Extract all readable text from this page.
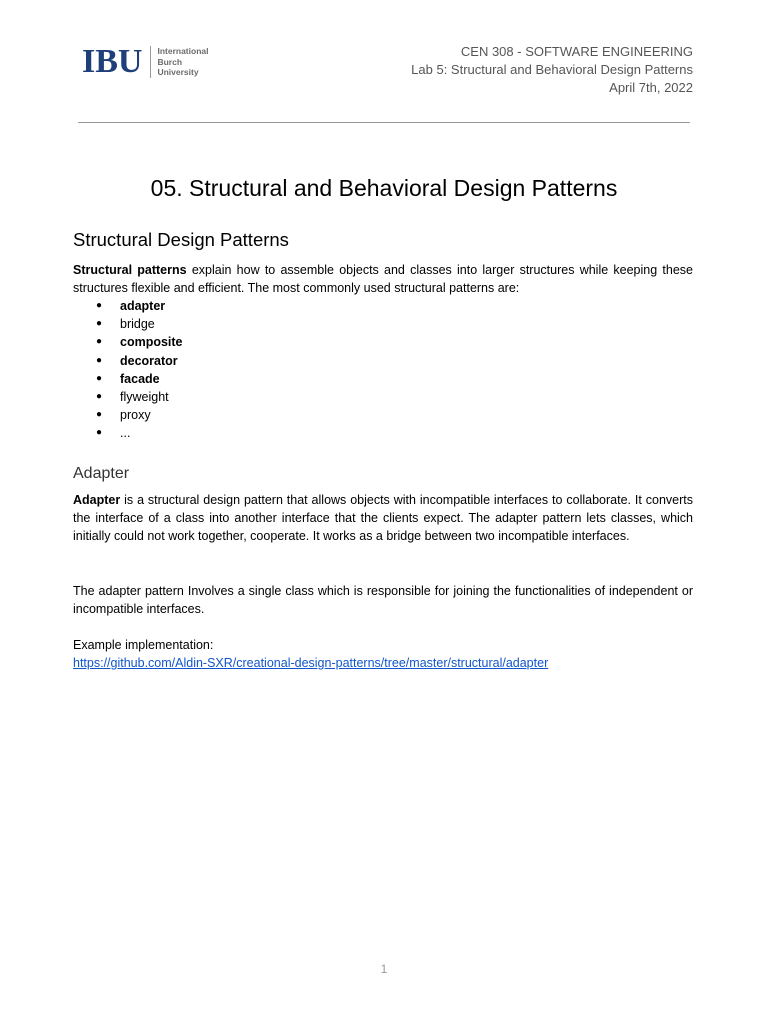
IBU International
Burch
University
CEN 308 - SOFTWARE ENGINEERING
Lab 5: Structural and Behavioral Design Patterns
April 7th, 2022
05. Structural and Behavioral Design Patterns
Structural Design Patterns

Structural patterns explain how to assemble objects and classes into larger structures while keeping these structures flexible and efficient. The most commonly used structural patterns are:

●	adapter
●	bridge
●	composite
●	decorator
●	facade
●	flyweight
●	proxy
●	...
Adapter

Adapter is a structural design pattern that allows objects with incompatible interfaces to collaborate. It converts the interface of a class into another interface that the clients expect. The adapter pattern lets classes, which initially could not work together, cooperate. It works as a bridge between two incompatible interfaces.

The adapter pattern Involves a single class which is responsible for joining the functionalities of independent or incompatible interfaces.

Example implementation:

https://github.com/Aldin-SXR/creational-design-patterns/tree/master/structural/adapter
1
